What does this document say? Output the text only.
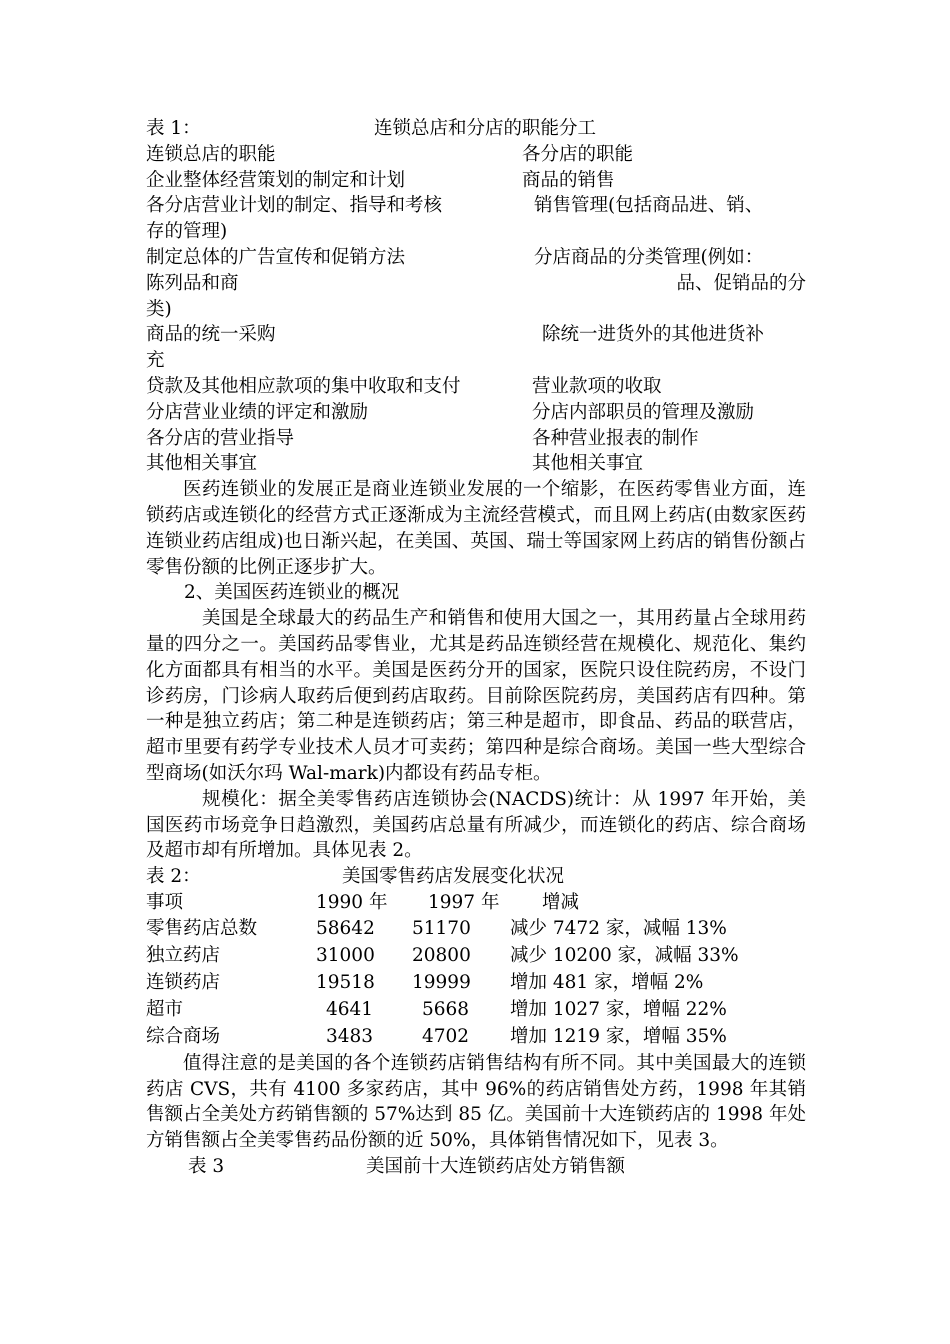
表 1：	连锁总店和分店的职能分工
连锁总店的职能	各分店的职能
企业整体经营策划的制定和计划	商品的销售
各分店营业计划的制定、指导和考核	销售管理(包括商品进、销、
存的管理)
制定总体的广告宣传和促销方法	分店商品的分类管理(例如：
陈列品和商	品、促销品的分
类)
商品的统一采购	除统一进货外的其他进货补
充
贷款及其他相应款项的集中收取和支付	营业款项的收取
分店营业业绩的评定和激励	分店内部职员的管理及激励
各分店的营业指导	各种营业报表的制作
其他相关事宜	其他相关事宜

医药连锁业的发展正是商业连锁业发展的一个缩影，在医药零售业方面，连锁药店或连锁化的经营方式正逐渐成为主流经营模式，而且网上药店(由数家医药连锁业药店组成)也日渐兴起，在美国、英国、瑞士等国家网上药店的销售份额占零售份额的比例正逐步扩大。

2、美国医药连锁业的概况

美国是全球最大的药品生产和销售和使用大国之一，其用药量占全球用药量的四分之一。美国药品零售业，尤其是药品连锁经营在规模化、规范化、集约化方面都具有相当的水平。美国是医药分开的国家，医院只设住院药房，不设门诊药房，门诊病人取药后便到药店取药。目前除医院药房，美国药店有四种。第一种是独立药店；第二种是连锁药店；第三种是超市，即食品、药品的联营店，超市里要有药学专业技术人员才可卖药；第四种是综合商场。美国一些大型综合型商场(如沃尔玛 Wal-mark)内都设有药品专柜。

规模化：据全美零售药店连锁协会(NACDS)统计：从 1997 年开始，美国医药市场竞争日趋激烈，美国药店总量有所减少，而连锁化的药店、综合商场及超市却有所增加。具体见表 2。

表 2：	美国零售药店发展变化状况
事项	1990 年 1997 年 增减
零售药店总数	58642 51170 减少 7472 家，减幅 13%
独立药店	31000 20800 减少 10200 家，减幅 33%
连锁药店	19518 19999 增加 481 家，增幅 2%
超市	4641	5668 增加 1027 家，增幅 22%
综合商场	3483	4702 增加 1219 家，增幅 35%

值得注意的是美国的各个连锁药店销售结构有所不同。其中美国最大的连锁药店 CVS，共有 4100 多家药店，其中 96%的药店销售处方药，1998 年其销售额占全美处方药销售额的 57%达到 85 亿。美国前十大连锁药店的 1998 年处方销售额占全美零售药品份额的近 50%，具体销售情况如下，见表 3。

表 3	美国前十大连锁药店处方销售额
